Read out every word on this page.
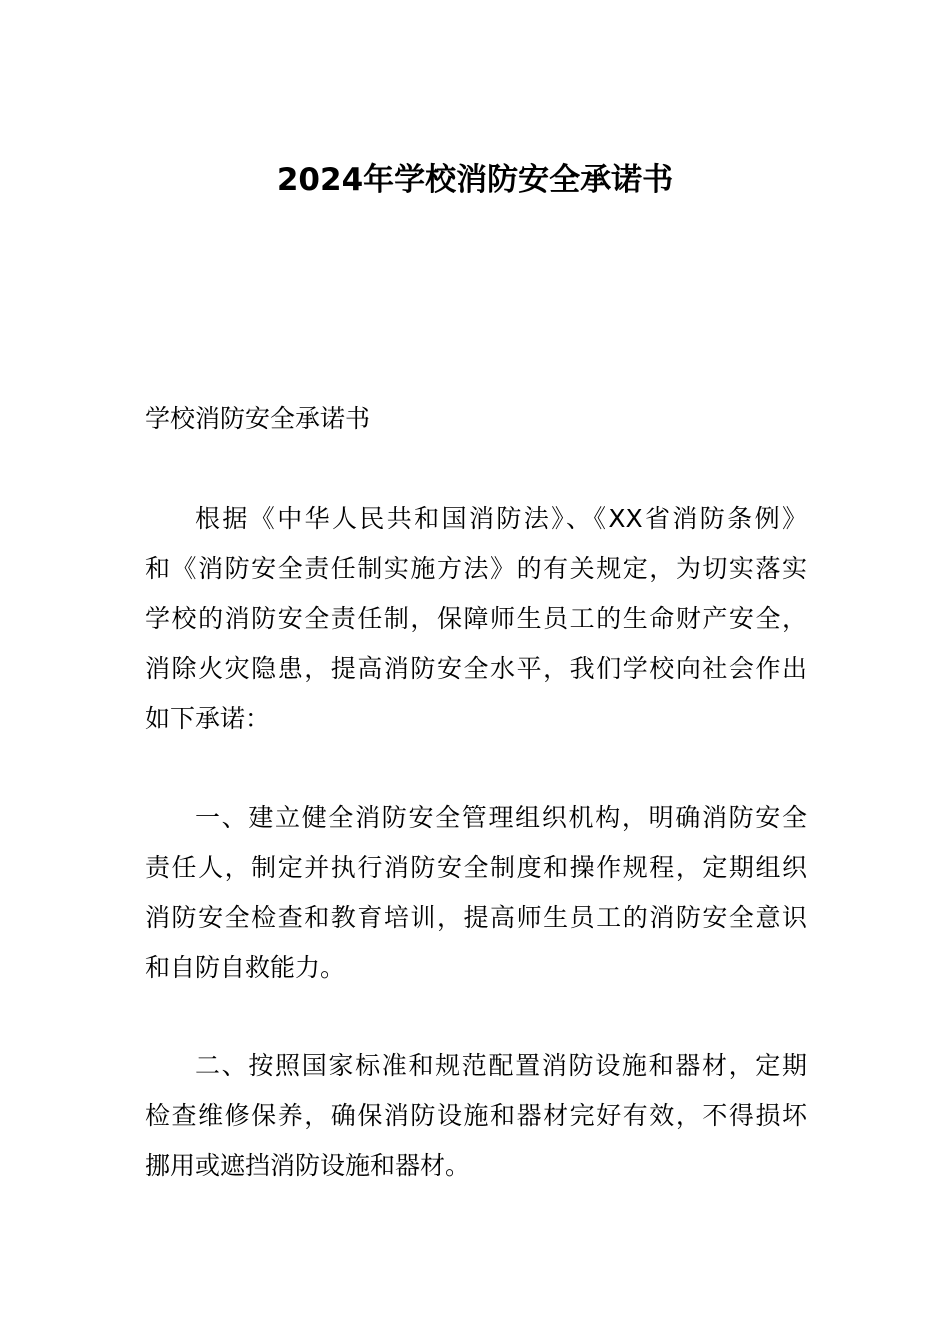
2024年学校消防安全承诺书

学校消防安全承诺书

根据《中华人民共和国消防法》、《XX省消防条例》
和《消防安全责任制实施方法》的有关规定，为切实落实
学校的消防安全责任制，保障师生员工的生命财产安全，
消除火灾隐患，提高消防安全水平，我们学校向社会作出
如下承诺：
一、建立健全消防安全管理组织机构，明确消防安全
责任人，制定并执行消防安全制度和操作规程，定期组织
消防安全检查和教育培训，提高师生员工的消防安全意识
和自防自救能力。
二、按照国家标准和规范配置消防设施和器材，定期
检查维修保养，确保消防设施和器材完好有效，不得损坏
挪用或遮挡消防设施和器材。
